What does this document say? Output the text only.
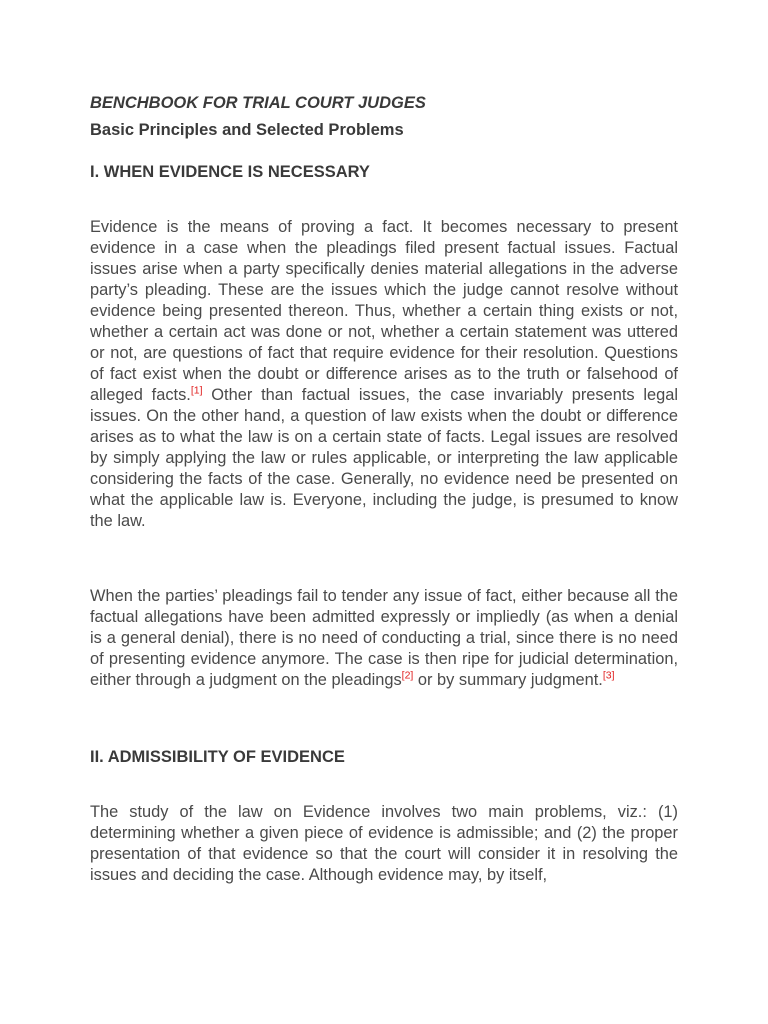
BENCHBOOK FOR TRIAL COURT JUDGES

Basic Principles and Selected Problems

I. WHEN EVIDENCE IS NECESSARY

Evidence is the means of proving a fact. It becomes necessary to present evidence in a case when the pleadings filed present factual issues. Factual issues arise when a party specifically denies material allegations in the adverse party’s pleading. These are the issues which the judge cannot resolve without evidence being presented thereon. Thus, whether a certain thing exists or not, whether a certain act was done or not, whether a certain statement was uttered or not, are questions of fact that require evidence for their resolution. Questions of fact exist when the doubt or difference arises as to the truth or falsehood of alleged facts.[1] Other than factual issues, the case invariably presents legal issues. On the other hand, a question of law exists when the doubt or difference arises as to what the law is on a certain state of facts. Legal issues are resolved by simply applying the law or rules applicable, or interpreting the law applicable considering the facts of the case. Generally, no evidence need be presented on what the applicable law is. Everyone, including the judge, is presumed to know the law.

When the parties’ pleadings fail to tender any issue of fact, either because all the factual allegations have been admitted expressly or impliedly (as when a denial is a general denial), there is no need of conducting a trial, since there is no need of presenting evidence anymore. The case is then ripe for judicial determination, either through a judgment on the pleadings[2] or by summary judgment.[3]

II. ADMISSIBILITY OF EVIDENCE

The study of the law on Evidence involves two main problems, viz.: (1) determining whether a given piece of evidence is admissible; and (2) the proper presentation of that evidence so that the court will consider it in resolving the issues and deciding the case. Although evidence may, by itself,
